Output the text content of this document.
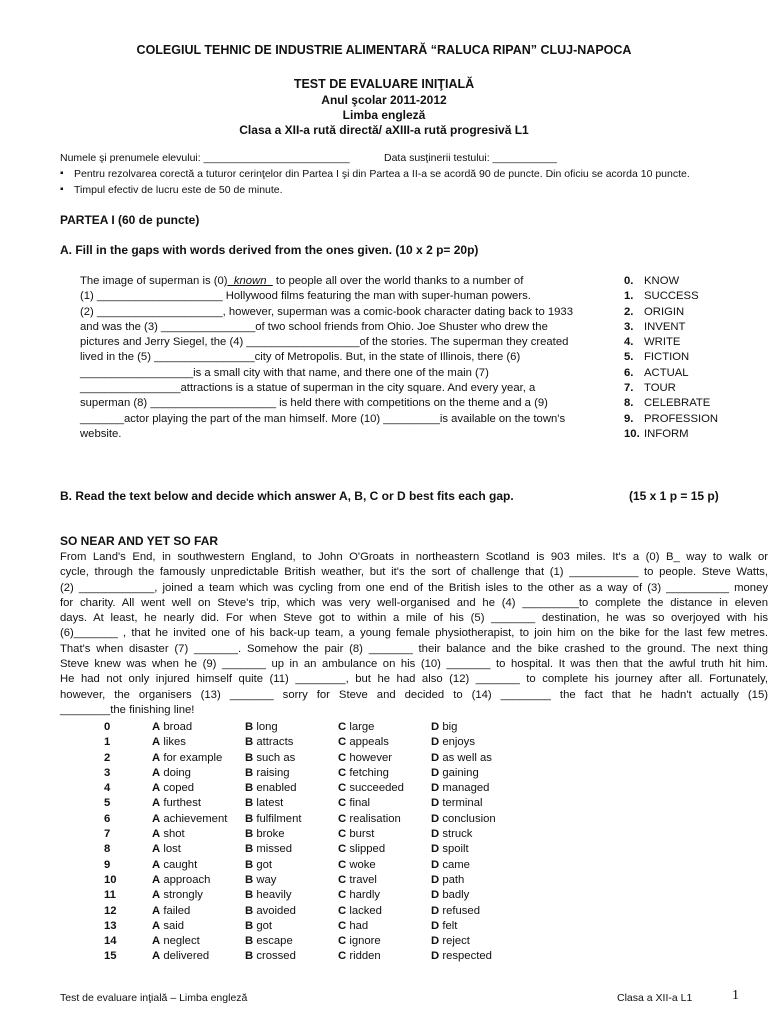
COLEGIUL TEHNIC DE INDUSTRIE ALIMENTARĂ “RALUCA RIPAN” CLUJ-NAPOCA
TEST DE EVALUARE INIŢIALĂ
Anul şcolar 2011-2012
Limba engleză
Clasa a XII-a rută directă/ aXIII-a rută progresivă L1
Numele şi prenumele elevului: _________________________	Data susţinerii testului: ___________
▪ Pentru rezolvarea corectă a tuturor cerinţelor din Partea I şi din Partea a II-a se acordă 90 de puncte. Din oficiu se acorda 10 puncte.
▪ Timpul efectiv de lucru este de 50 de minute.
PARTEA I (60 de puncte)
A. Fill in the gaps with words derived from the ones given. (10 x 2 p= 20p)
The image of superman is (0)_known_ to people all over the world thanks to a number of
(1) ____________________ Hollywood films featuring the man with super-human powers.
(2) ____________________, however, superman was a comic-book character dating back to 1933
and was the (3) _______________of two school friends from Ohio. Joe Shuster who drew the
pictures and Jerry Siegel, the (4) __________________of the stories. The superman they created
lived in the (5) ________________city of Metropolis. But, in the state of Illinois, there (6)
__________________is a small city with that name, and there one of the main (7)
________________attractions is a statue of superman in the city square. And every year, a
superman (8) ____________________ is held there with competitions on the theme and a (9)
_______actor playing the part of the man himself. More (10) _________is available on the town's
website.
0. KNOW
1. SUCCESS
2. ORIGIN
3. INVENT
4. WRITE
5. FICTION
6. ACTUAL
7. TOUR
8. CELEBRATE
9. PROFESSION
10. INFORM
B. Read the text below and decide which answer A, B, C or D best fits each gap.	(15 x 1 p = 15 p)
SO NEAR AND YET SO FAR
From Land's End, in southwestern England, to John O'Groats in northeastern Scotland is 903 miles. It's a (0) B_ way to walk or
cycle, through the famously unpredictable British weather, but it's the sort of challenge that (1) ___________ to people. Steve Watts,
(2) ____________, joined a team which was cycling from one end of the British isles to the other as a way of (3) __________ money
for charity. All went well on Steve's trip, which was very well-organised and he (4) _________to complete the distance in eleven
days. At least, he nearly did. For when Steve got to within a mile of his (5) _______ destination, he was so overjoyed with his
(6)_______ , that he invited one of his back-up team, a young female physiotherapist, to join him on the bike for the last few metres.
That's when disaster (7) _______. Somehow the pair (8) _______ their balance and the bike crashed to the ground. The next thing
Steve knew was when he (9) _______ up in an ambulance on his (10) _______ to hospital. It was then that the awful truth hit him.
He had not only injured himself quite (11) ________, but he had also (12) _______ to complete his journey after all. Fortunately,
however, the organisers (13) _______ sorry for Steve and decided to (14) ________ the fact that he hadn't actually (15)
________the finishing line!
0	A broad	B long	C large	D big
1	A likes	B attracts	C appeals	D enjoys
2	A for example B such as	C however	D as well as
3	A doing	B raising	C fetching	D gaining
4	A coped	B enabled	C succeeded D managed
5	A furthest	B latest	C final	D terminal
6	A achievement B fulfilment	C realisation	D conclusion
7	A shot	B broke	C burst	D struck
8	A lost	B missed	C slipped	D spoilt
9	A caught	B got	C woke	D came
10	A approach	B way	C travel	D path
11	A strongly	B heavily	C hardly	D badly
12	A failed	B avoided	C lacked	D refused
13	A said	B got	C had	D felt
14	A neglect	B escape	C ignore	D reject
15	A delivered	B crossed	C ridden	D respected
Test de evaluare inţială – Limba engleză	Clasa a XII-a L1	1
